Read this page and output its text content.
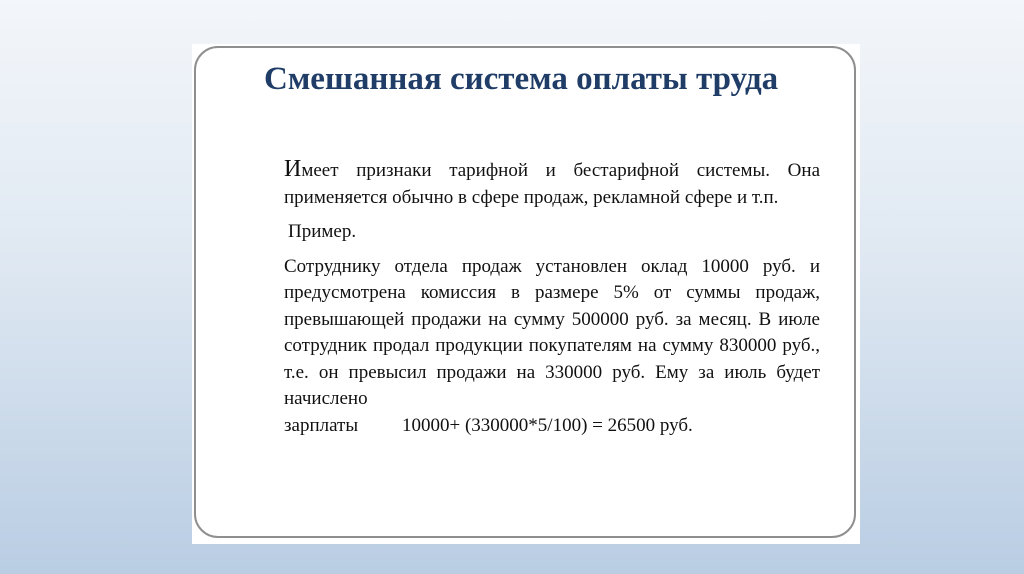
Смешанная система оплаты труда

Имеет признаки тарифной и бестарифной системы. Она применяется обычно в сфере продаж, рекламной сфере и т.п.

Пример.

Сотруднику отдела продаж установлен оклад 10000 руб. и предусмотрена комиссия в размере 5% от суммы продаж, превышающей продажи на сумму 500000 руб. за месяц. В июле сотрудник продал продукции покупателям на сумму 830000 руб., т.е. он превысил продажи на 330000 руб. Ему за июль будет начислено
зарплаты 10000+ (330000*5/100) = 26500 руб.
